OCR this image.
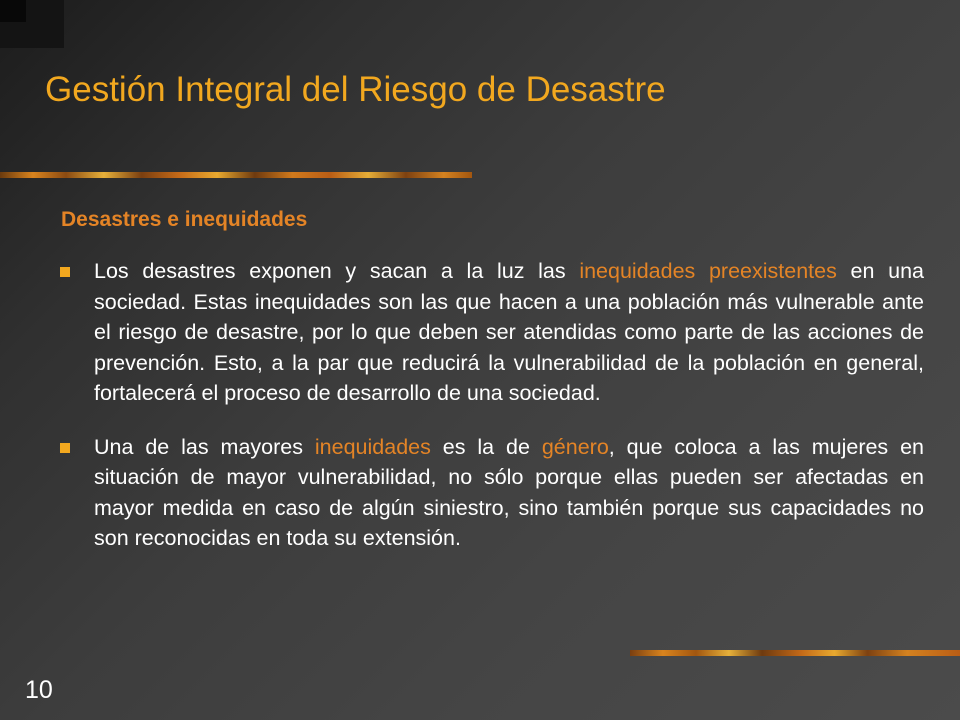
Gestión Integral del Riesgo de Desastre
Desastres e inequidades
Los desastres exponen y sacan a la luz las inequidades preexistentes en una sociedad. Estas inequidades son las que hacen a una población más vulnerable ante el riesgo de desastre, por lo que deben ser atendidas como parte de las acciones de prevención. Esto, a la par que reducirá la vulnerabilidad de la población en general, fortalecerá el proceso de desarrollo de una sociedad.
Una de las mayores inequidades es la de género, que coloca a las mujeres en situación de mayor vulnerabilidad, no sólo porque ellas pueden ser afectadas en mayor medida en caso de algún siniestro, sino también porque sus capacidades no son reconocidas en toda su extensión.
10
